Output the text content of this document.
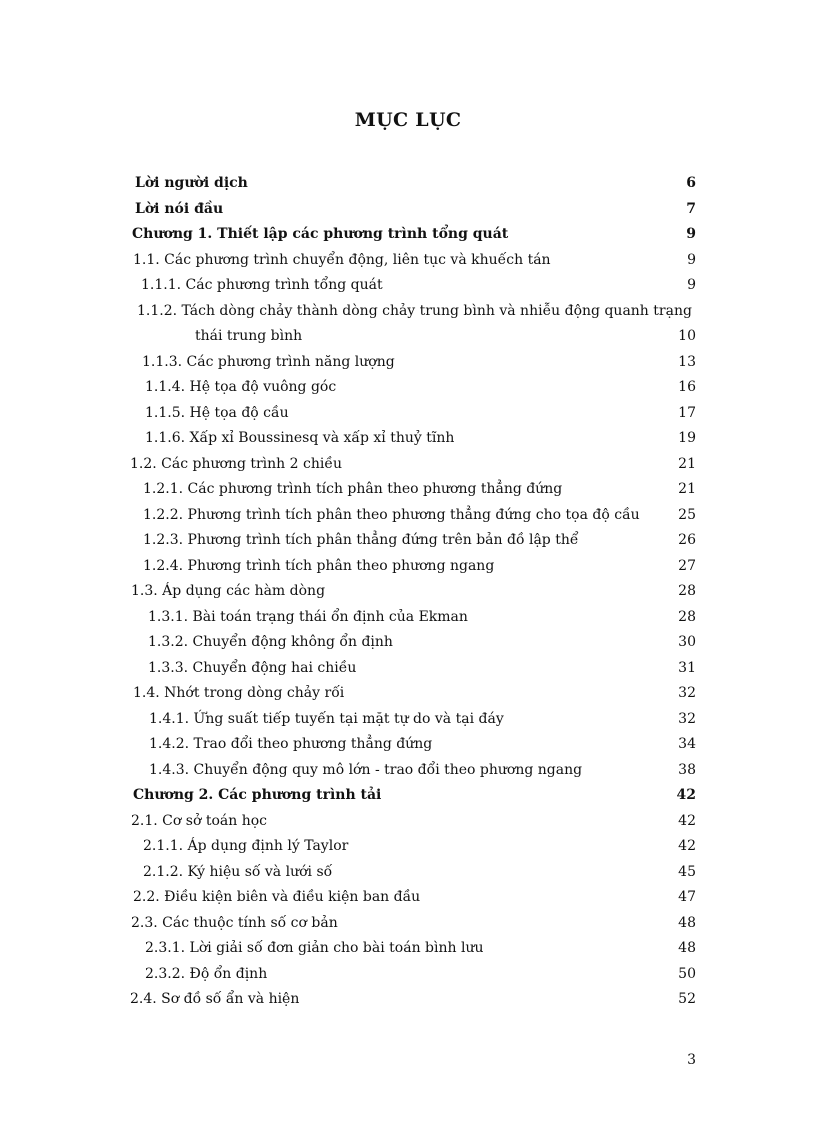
MỤC LỤC
Lời người dịch	6
Lời nói đầu	7
Chương 1. Thiết lập các phương trình tổng quát	9
1.1. Các phương trình chuyển động, liên tục và khuếch tán	9
1.1.1. Các phương trình tổng quát	9
1.1.2. Tách dòng chảy thành dòng chảy trung bình và nhiễu động quanh trạng
thái trung bình	10
1.1.3. Các phương trình năng lượng	13
1.1.4. Hệ tọa độ vuông góc	16
1.1.5. Hệ tọa độ cầu	17
1.1.6. Xấp xỉ Boussinesq và xấp xỉ thuỷ tĩnh	19
1.2. Các phương trình 2 chiều	21
1.2.1. Các phương trình tích phân theo phương thẳng đứng	21
1.2.2. Phương trình tích phân theo phương thẳng đứng cho tọa độ cầu	25
1.2.3. Phương trình tích phân thẳng đứng trên bản đồ lập thể	26
1.2.4. Phương trình tích phân theo phương ngang	27
1.3. Áp dụng các hàm dòng	28
1.3.1. Bài toán trạng thái ổn định của Ekman	28
1.3.2. Chuyển động không ổn định	30
1.3.3. Chuyển động hai chiều	31
1.4. Nhớt trong dòng chảy rối	32
1.4.1. Ứng suất tiếp tuyến tại mặt tự do và tại đáy	32
1.4.2. Trao đổi theo phương thẳng đứng	34
1.4.3. Chuyển động quy mô lớn - trao đổi theo phương ngang	38
Chương 2. Các phương trình tải	42
2.1. Cơ sở toán học	42
2.1.1. Áp dụng định lý Taylor	42
2.1.2. Ký hiệu số và lưới số	45
2.2. Điều kiện biên và điều kiện ban đầu	47
2.3. Các thuộc tính số cơ bản	48
2.3.1. Lời giải số đơn giản cho bài toán bình lưu	48
2.3.2. Độ ổn định	50
2.4. Sơ đồ số ẩn và hiện	52
3
